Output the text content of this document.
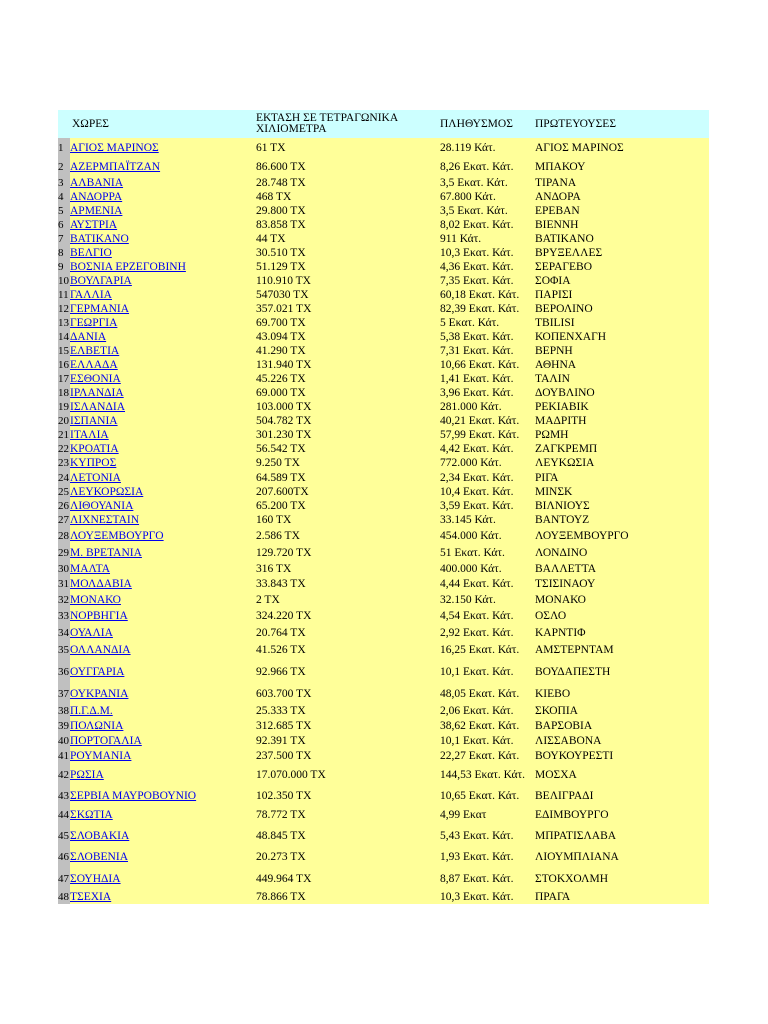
	ΧΩΡΕΣ	ΕΚΤΑΣΗ ΣΕ ΤΕΤΡΑΓΩΝΙΚΑ ΧΙΛΙΟΜΕΤΡΑ	ΠΛΗΘΥΣΜΟΣ	ΠΡΩΤΕΥΟΥΣΕΣ
1	ΑΓΙΟΣ ΜΑΡΙΝΟΣ	61 ΤΧ	28.119 Κάτ.	ΑΓΙΟΣ ΜΑΡΙΝΟΣ
2	ΑΖΕΡΜΠΑΪΤΖΑΝ	86.600 ΤΧ	8,26 Εκατ. Κάτ.	ΜΠΑΚΟΥ
3	ΑΛΒΑΝΙΑ	28.748 ΤΧ	3,5 Εκατ. Κάτ.	ΤΙΡΑΝΑ
4	ΑΝΔΟΡΡΑ	468 ΤΧ	67.800 Κάτ.	ΑΝΔΟΡΑ
5	ΑΡΜΕΝΙΑ	29.800 ΤΧ	3,5 Εκατ. Κάτ.	ΕΡΕΒΑΝ
6	ΑΥΣΤΡΙΑ	83.858 ΤΧ	8,02 Εκατ. Κάτ.	ΒΙΕΝΝΗ
7	ΒΑΤΙΚΑΝΟ	44 ΤΧ	911 Κάτ.	ΒΑΤΙΚΑΝΟ
8	ΒΕΛΓΙΟ	30.510 ΤΧ	10,3 Εκατ. Κάτ.	ΒΡΥΞΕΛΛΕΣ
9	ΒΟΣΝΙΑ ΕΡΖΕΓΟΒΙΝΗ	51.129 ΤΧ	4,36 Εκατ. Κάτ.	ΣΕΡΑΓΕΒΟ
10	ΒΟΥΛΓΑΡΙΑ	110.910 ΤΧ	7,35 Εκατ. Κάτ.	ΣΟΦΙΑ
11	ΓΑΛΛΙΑ	547030 ΤΧ	60,18 Εκατ. Κάτ.	ΠΑΡΙΣΙ
12	ΓΕΡΜΑΝΙΑ	357.021 ΤΧ	82,39 Εκατ. Κάτ.	ΒΕΡΟΛΙΝΟ
13	ΓΕΩΡΓΙΑ	69.700 ΤΧ	5 Εκατ. Κάτ.	TBILISI
14	ΔΑΝΙΑ	43.094 ΤΧ	5,38 Εκατ. Κάτ.	ΚΟΠΕΝΧΑΓΗ
15	ΕΛΒΕΤΙΑ	41.290 ΤΧ	7,31 Εκατ. Κάτ.	ΒΕΡΝΗ
16	ΕΛΛΑΔΑ	131.940 ΤΧ	10,66 Εκατ. Κάτ.	ΑΘΗΝΑ
17	ΕΣΘΟΝΙΑ	45.226 ΤΧ	1,41 Εκατ. Κάτ.	ΤΑΛΙΝ
18	ΙΡΛΑΝΔΙΑ	69.000 ΤΧ	3,96 Εκατ. Κάτ.	ΔΟΥΒΛΙΝΟ
19	ΙΣΛΑΝΔΙΑ	103.000 ΤΧ	281.000 Κάτ.	ΡΕΚΙΑΒΙΚ
20	ΙΣΠΑΝΙΑ	504.782 ΤΧ	40,21 Εκατ. Κάτ.	ΜΑΔΡΙΤΗ
21	ΙΤΑΛΙΑ	301.230 ΤΧ	57,99 Εκατ. Κάτ.	ΡΩΜΗ
22	ΚΡΟΑΤΙΑ	56.542 ΤΧ	4,42 Εκατ. Κάτ.	ΖΑΓΚΡΕΜΠ
23	ΚΥΠΡΟΣ	9.250 ΤΧ	772.000 Κάτ.	ΛΕΥΚΩΣΙΑ
24	ΛΕΤΟΝΙΑ	64.589 ΤΧ	2,34 Εκατ. Κάτ.	ΡΙΓΑ
25	ΛΕΥΚΟΡΩΣΙΑ	207.600ΤΧ	10,4 Εκατ. Κάτ.	ΜΙΝΣΚ
26	ΛΙΘΟΥΑΝΙΑ	65.200 ΤΧ	3,59 Εκατ. Κάτ.	ΒΙΛΝΙΟΥΣ
27	ΛΙΧΝΕΣΤΑΙΝ	160 ΤΧ	33.145 Κάτ.	ΒΑΝΤΟΥΖ
28	ΛΟΥΞΕΜΒΟΥΡΓΟ	2.586 ΤΧ	454.000 Κάτ.	ΛΟΥΞΕΜΒΟΥΡΓΟ
29	Μ. ΒΡΕΤΑΝΙΑ	129.720 ΤΧ	51 Εκατ. Κάτ.	ΛΟΝΔΙΝΟ
30	ΜΑΛΤΑ	316 ΤΧ	400.000 Κάτ.	ΒΑΛΛΕΤΤΑ
31	ΜΟΛΔΑΒΙΑ	33.843 ΤΧ	4,44 Εκατ. Κάτ.	ΤΣΙΣΙΝΑΟΥ
32	ΜΟΝΑΚΟ	2 ΤΧ	32.150 Κάτ.	ΜΟΝΑΚΟ
33	ΝΟΡΒΗΓΙΑ	324.220 ΤΧ	4,54 Εκατ. Κάτ.	ΟΣΛΟ
34	ΟΥΑΛΙΑ	20.764 ΤΧ	2,92 Εκατ. Κάτ.	ΚΑΡΝΤΙΦ
35	ΟΛΛΑΝΔΙΑ	41.526 ΤΧ	16,25 Εκατ. Κάτ.	ΑΜΣΤΕΡΝΤΑΜ
36	ΟΥΓΓΑΡΙΑ	92.966 ΤΧ	10,1 Εκατ. Κάτ.	ΒΟΥΔΑΠΕΣΤΗ
37	ΟΥΚΡΑΝΙΑ	603.700 ΤΧ	48,05 Εκατ. Κάτ.	ΚΙΕΒΟ
38	Π.Γ.Δ.Μ.	25.333 ΤΧ	2,06 Εκατ. Κάτ.	ΣΚΟΠΙΑ
39	ΠΟΛΩΝΙΑ	312.685 ΤΧ	38,62 Εκατ. Κάτ.	ΒΑΡΣΟΒΙΑ
40	ΠΟΡΤΟΓΑΛΙΑ	92.391 ΤΧ	10,1 Εκατ. Κάτ.	ΛΙΣΣΑΒΟΝΑ
41	ΡΟΥΜΑΝΙΑ	237.500 ΤΧ	22,27 Εκατ. Κάτ.	ΒΟΥΚΟΥΡΕΣΤΙ
42	ΡΩΣΙΑ	17.070.000 ΤΧ	144,53 Εκατ. Κάτ.	ΜΟΣΧΑ
43	ΣΕΡΒΙΑ ΜΑΥΡΟΒΟΥΝΙΟ	102.350 ΤΧ	10,65 Εκατ. Κάτ.	ΒΕΛΙΓΡΑΔΙ
44	ΣΚΩΤΙΑ	78.772 ΤΧ	4,99 Εκατ	ΕΔΙΜΒΟΥΡΓΟ
45	ΣΛΟΒΑΚΙΑ	48.845 ΤΧ	5,43 Εκατ. Κάτ.	ΜΠΡΑΤΙΣΛΑΒΑ
46	ΣΛΟΒΕΝΙΑ	20.273 ΤΧ	1,93 Εκατ. Κάτ.	ΛΙΟΥΜΠΛΙΑΝΑ
47	ΣΟΥΗΔΙΑ	449.964 ΤΧ	8,87 Εκατ. Κάτ.	ΣΤΟΚΧΟΛΜΗ
48	ΤΣΕΧΙΑ	78.866 ΤΧ	10,3 Εκατ. Κάτ.	ΠΡΑΓΑ
